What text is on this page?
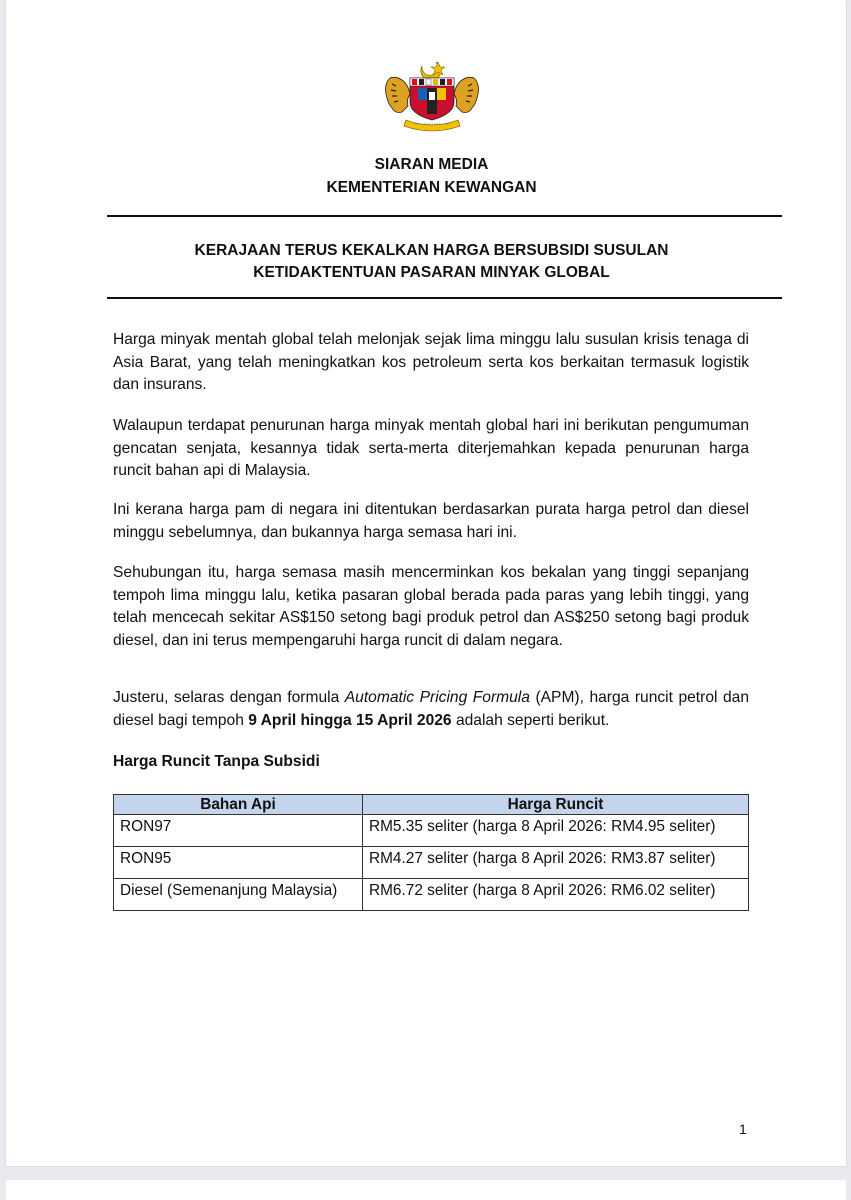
SIARAN MEDIA
KEMENTERIAN KEWANGAN
KERAJAAN TERUS KEKALKAN HARGA BERSUBSIDI SUSULAN
KETIDAKTENTUAN PASARAN MINYAK GLOBAL

Harga minyak mentah global telah melonjak sejak lima minggu lalu susulan krisis tenaga di Asia Barat, yang telah meningkatkan kos petroleum serta kos berkaitan termasuk logistik dan insurans.

Walaupun terdapat penurunan harga minyak mentah global hari ini berikutan pengumuman gencatan senjata, kesannya tidak serta-merta diterjemahkan kepada penurunan harga runcit bahan api di Malaysia.

Ini kerana harga pam di negara ini ditentukan berdasarkan purata harga petrol dan diesel minggu sebelumnya, dan bukannya harga semasa hari ini.

Sehubungan itu, harga semasa masih mencerminkan kos bekalan yang tinggi sepanjang tempoh lima minggu lalu, ketika pasaran global berada pada paras yang lebih tinggi, yang telah mencecah sekitar AS$150 setong bagi produk petrol dan AS$250 setong bagi produk diesel, dan ini terus mempengaruhi harga runcit di dalam negara.

Justeru, selaras dengan formula Automatic Pricing Formula (APM), harga runcit petrol dan diesel bagi tempoh 9 April hingga 15 April 2026 adalah seperti berikut.

Harga Runcit Tanpa Subsidi
Bahan Api	Harga Runcit
RON97	RM5.35 seliter (harga 8 April 2026: RM4.95 seliter)
RON95	RM4.27 seliter (harga 8 April 2026: RM3.87 seliter)
Diesel (Semenanjung Malaysia)	RM6.72 seliter (harga 8 April 2026: RM6.02 seliter)
1
